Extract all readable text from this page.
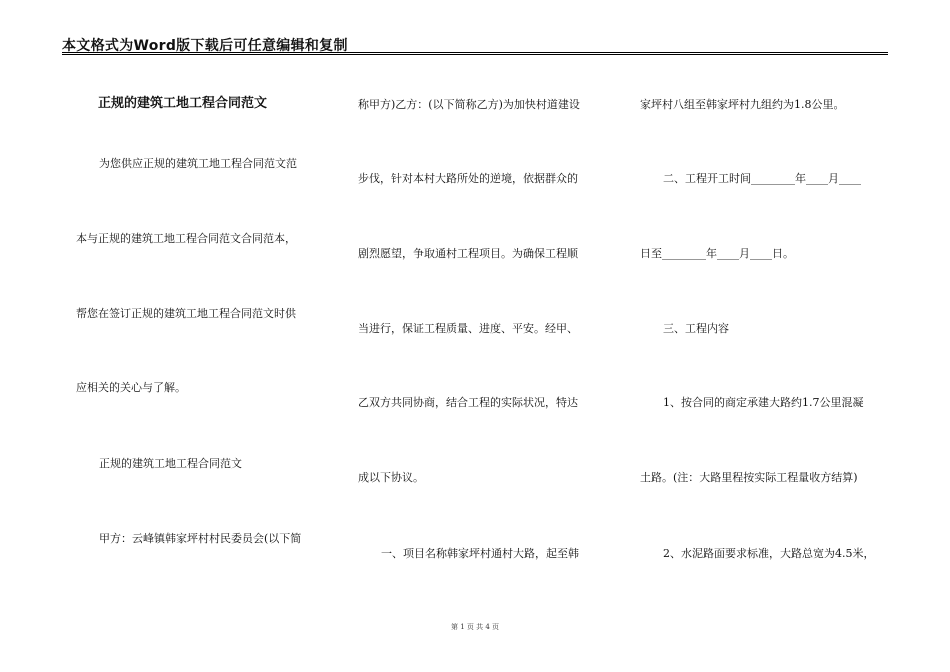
本文格式为Word版下载后可任意编辑和复制
正规的建筑工地工程合同范文
为您供应正规的建筑工地工程合同范文范
本与正规的建筑工地工程合同范文合同范本，
帮您在签订正规的建筑工地工程合同范文时供
应相关的关心与了解。
正规的建筑工地工程合同范文
甲方：云峰镇韩家坪村村民委员会(以下简
称甲方)乙方：(以下简称乙方)为加快村道建设
步伐，针对本村大路所处的逆境，依据群众的
剧烈愿望，争取通村工程项目。为确保工程顺
当进行，保证工程质量、进度、平安。经甲、
乙双方共同协商，结合工程的实际状况，特达
成以下协议。
一、项目名称韩家坪村通村大路，起至韩
家坪村八组至韩家坪村九组约为1.8公里。
二、工程开工时间________年____月____
日至________年____月____日。
三、工程内容
1、按合同的商定承建大路约1.7公里混凝
土路。(注：大路里程按实际工程量收方结算)
2、水泥路面要求标准，大路总宽为4.5米，
第 1 页 共 4 页
